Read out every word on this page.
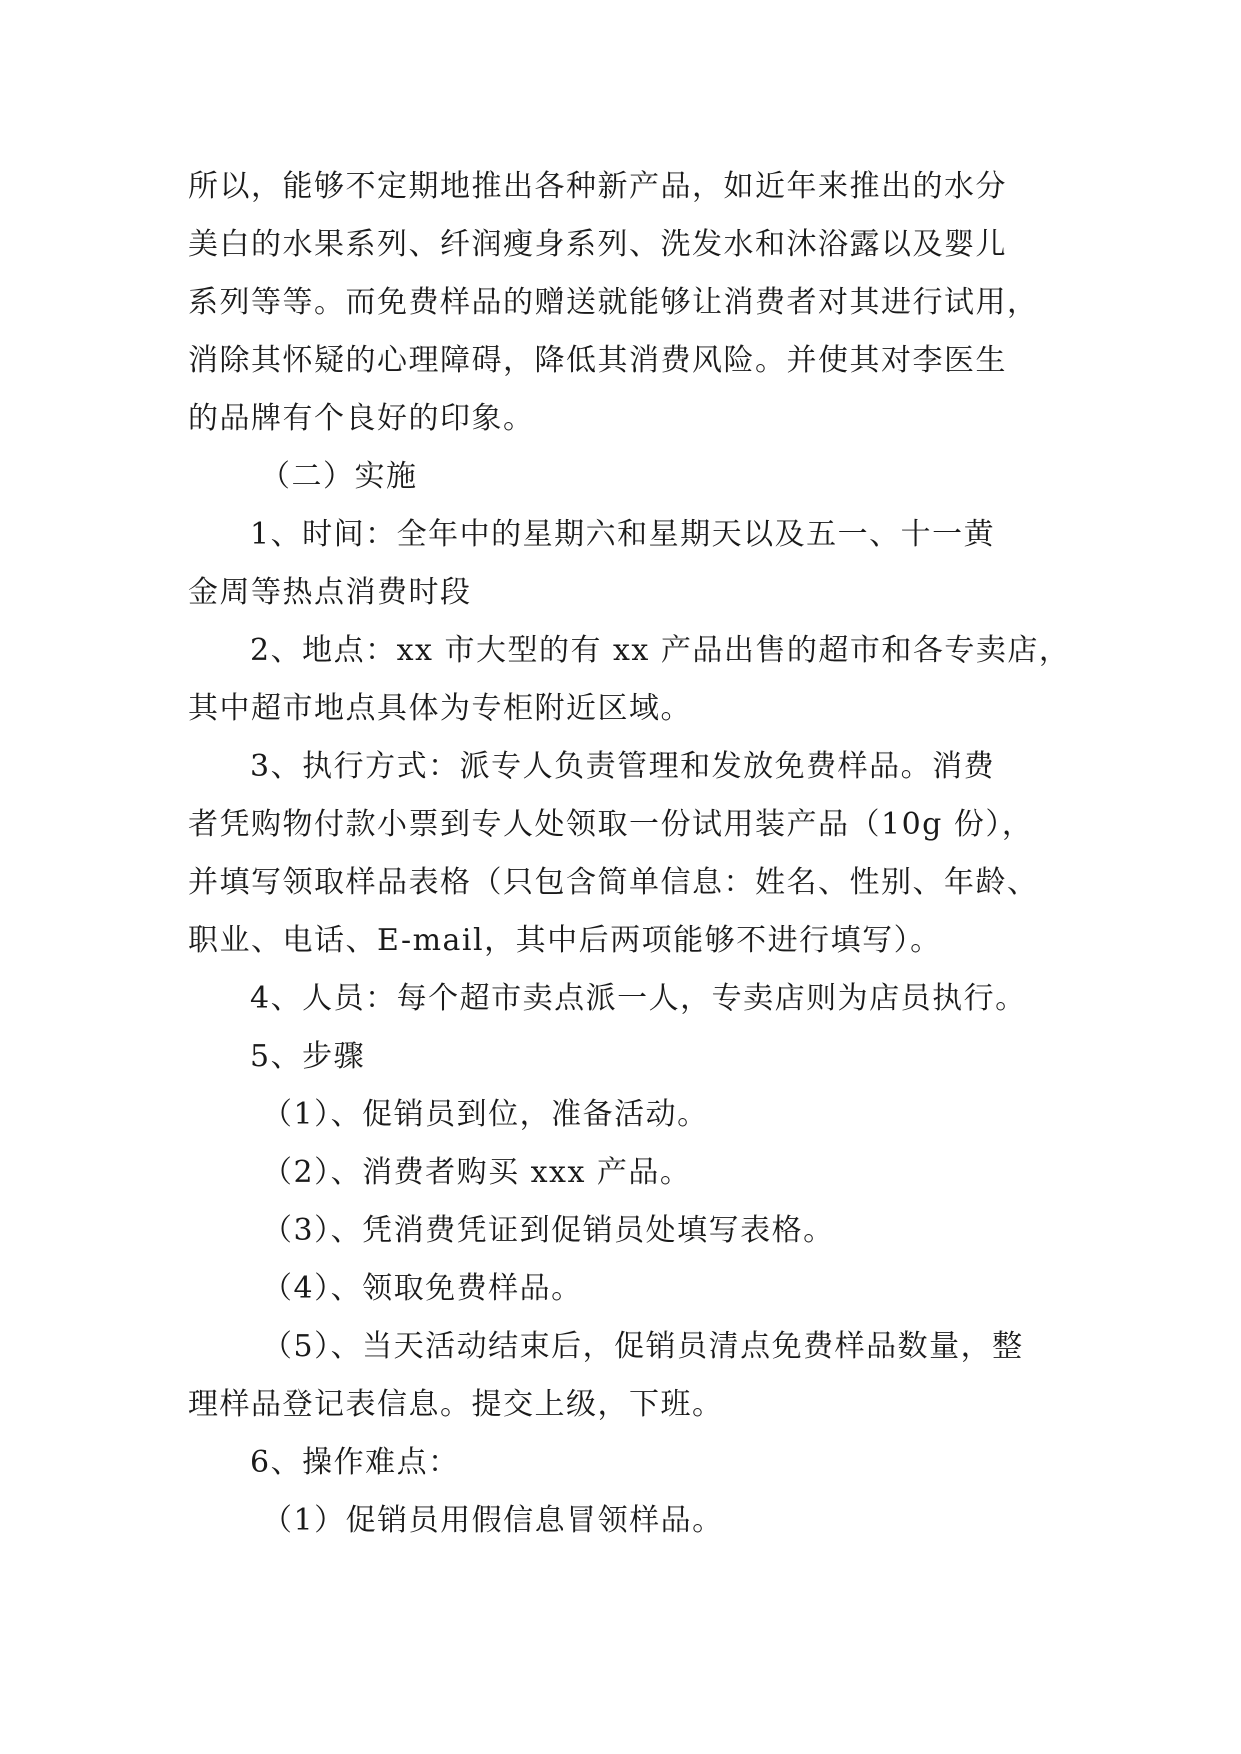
所以，能够不定期地推出各种新产品，如近年来推出的水分
美白的水果系列、纤润瘦身系列、洗发水和沐浴露以及婴儿
系列等等。而免费样品的赠送就能够让消费者对其进行试用，
消除其怀疑的心理障碍，降低其消费风险。并使其对李医生
的品牌有个良好的印象。
（二）实施
1、时间：全年中的星期六和星期天以及五一、十一黄
金周等热点消费时段
2、地点：xx 市大型的有 xx 产品出售的超市和各专卖店，
其中超市地点具体为专柜附近区域。
3、执行方式：派专人负责管理和发放免费样品。消费
者凭购物付款小票到专人处领取一份试用装产品（10g 份），
并填写领取样品表格（只包含简单信息：姓名、性别、年龄、
职业、电话、E-mail，其中后两项能够不进行填写）。
4、人员：每个超市卖点派一人，专卖店则为店员执行。
5、步骤
（1）、促销员到位，准备活动。
（2）、消费者购买 xxx 产品。
（3）、凭消费凭证到促销员处填写表格。
（4）、领取免费样品。
（5）、当天活动结束后，促销员清点免费样品数量，整
理样品登记表信息。提交上级，下班。
6、操作难点：
（1）促销员用假信息冒领样品。
